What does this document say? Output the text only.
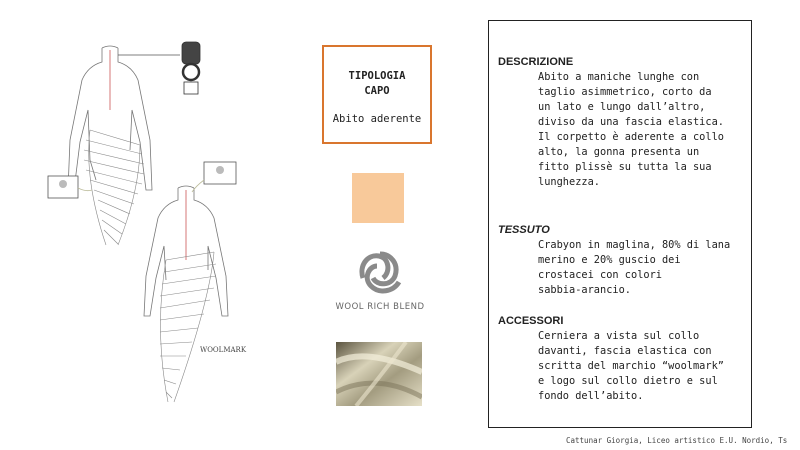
WOOLMARK
TIPOLOGIA
CAPO
Abito aderente
WOOL RICH BLEND
DESCRIZIONE

Abito a maniche lunghe con
taglio asimmetrico, corto da
un lato e lungo dall’altro,
diviso da una fascia elastica.
Il corpetto è aderente a collo
alto, la gonna presenta un
fitto plissè su tutta la sua
lunghezza.

TESSUTO

Crabyon in maglina, 80% di lana
merino e 20% guscio dei
crostacei con colori
sabbia-arancio.

ACCESSORI

Cerniera a vista sul collo
davanti, fascia elastica con
scritta del marchio “woolmark”
e logo sul collo dietro e sul
fondo dell’abito.

Cattunar Giorgia, Liceo artistico E.U. Nordio, Ts
